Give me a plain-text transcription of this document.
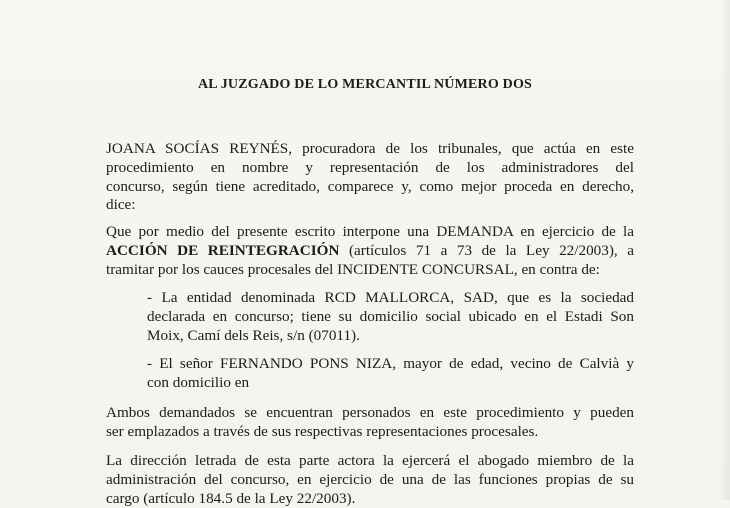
AL JUZGADO DE LO MERCANTIL NÚMERO DOS
JOANA SOCÍAS REYNÉS, procuradora de los tribunales, que actúa en este
procedimiento en nombre y representación de los administradores del
concurso, según tiene acreditado, comparece y, como mejor proceda en derecho,
dice:
Que por medio del presente escrito interpone una DEMANDA en ejercicio de la
ACCIÓN DE REINTEGRACIÓN (artículos 71 a 73 de la Ley 22/2003), a
tramitar por los cauces procesales del INCIDENTE CONCURSAL, en contra de:
- La entidad denominada RCD MALLORCA, SAD, que es la sociedad
declarada en concurso; tiene su domicilio social ubicado en el Estadi Son
Moix, Camí dels Reis, s/n (07011).
- El señor FERNANDO PONS NIZA, mayor de edad, vecino de Calvià y
con domicilio en
Ambos demandados se encuentran personados en este procedimiento y pueden
ser emplazados a través de sus respectivas representaciones procesales.
La dirección letrada de esta parte actora la ejercerá el abogado miembro de la
administración del concurso, en ejercicio de una de las funciones propias de su
cargo (artículo 184.5 de la Ley 22/2003).
